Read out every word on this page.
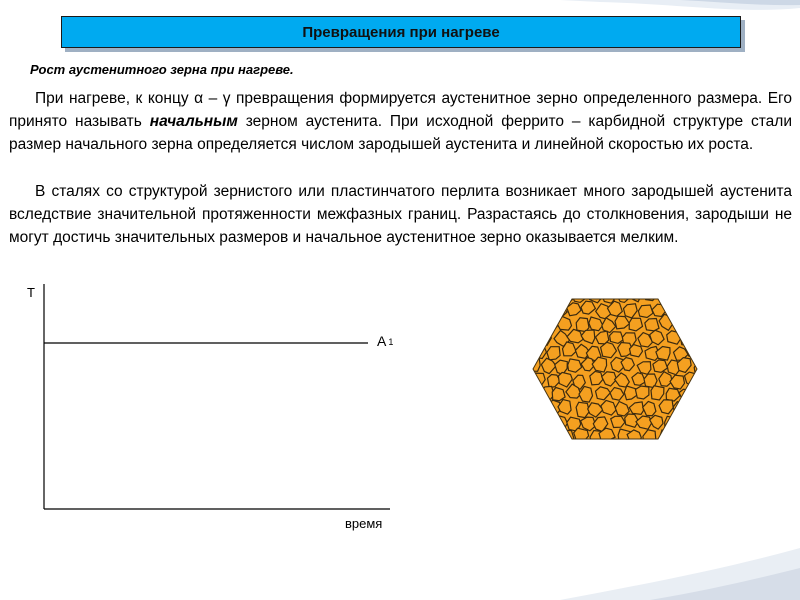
Превращения при нагреве
Рост аустенитного зерна при нагреве.

При нагреве, к концу α – γ превращения формируется аустенитное зерно определенного размера. Его принято называть начальным зерном аустенита. При исходной феррито – карбидной структуре стали размер начального зерна определяется числом зародышей аустенита и линейной скоростью их роста.

В сталях со структурой зернистого или пластинчатого перлита возникает много зародышей аустенита вследствие значительной протяженности межфазных границ. Разрастаясь до столкновения, зародыши не могут достичь значительных размеров и начальное аустенитное зерно оказывается мелким.

Т
А $_1$
время
